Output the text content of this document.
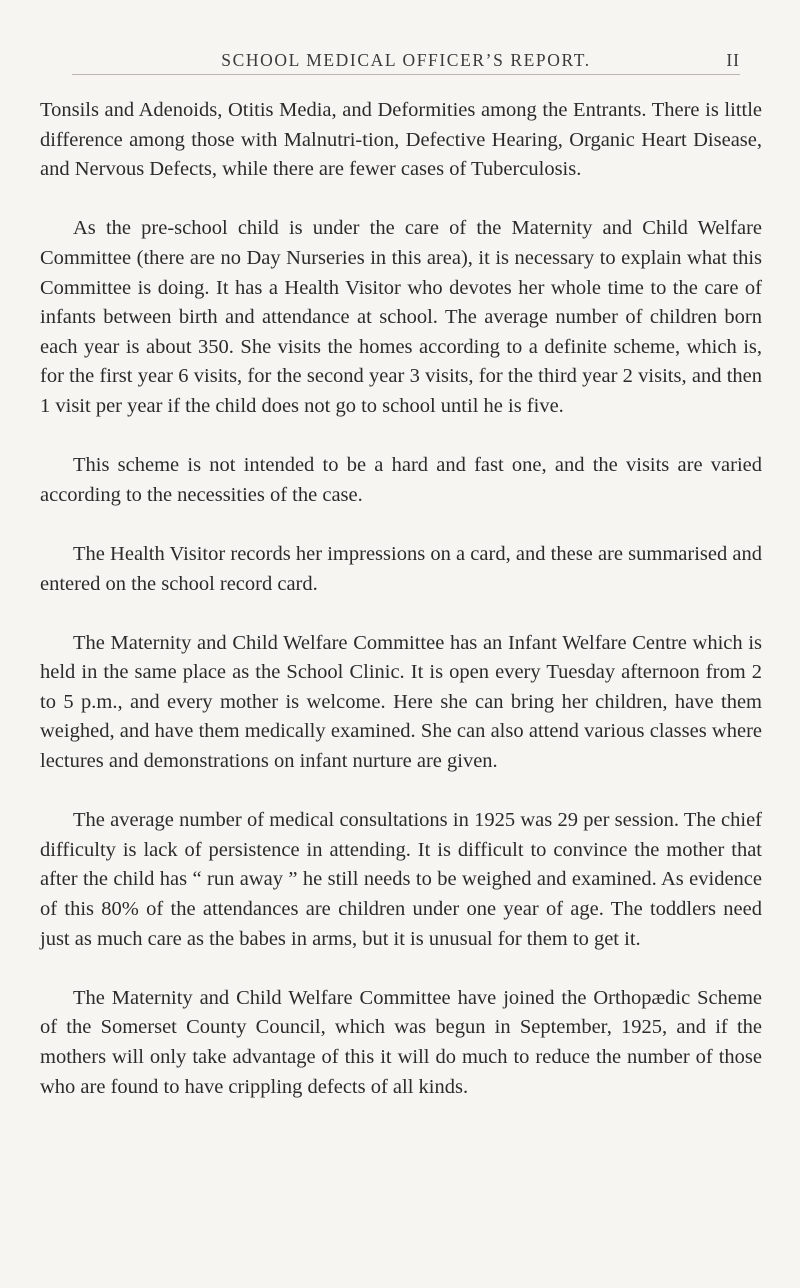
SCHOOL MEDICAL OFFICER’S REPORT.	II

Tonsils and Adenoids, Otitis Media, and Deformities among the Entrants. There is little difference among those with Malnutri-tion, Defective Hearing, Organic Heart Disease, and Nervous Defects, while there are fewer cases of Tuberculosis.

As the pre-school child is under the care of the Maternity and Child Welfare Committee (there are no Day Nurseries in this area), it is necessary to explain what this Committee is doing. It has a Health Visitor who devotes her whole time to the care of infants between birth and attendance at school. The average number of children born each year is about 350. She visits the homes according to a definite scheme, which is, for the first year 6 visits, for the second year 3 visits, for the third year 2 visits, and then 1 visit per year if the child does not go to school until he is five.

This scheme is not intended to be a hard and fast one, and the visits are varied according to the necessities of the case.

The Health Visitor records her impressions on a card, and these are summarised and entered on the school record card.

The Maternity and Child Welfare Committee has an Infant Welfare Centre which is held in the same place as the School Clinic. It is open every Tuesday afternoon from 2 to 5 p.m., and every mother is welcome. Here she can bring her children, have them weighed, and have them medically examined. She can also attend various classes where lectures and demonstrations on infant nurture are given.

The average number of medical consultations in 1925 was 29 per session. The chief difficulty is lack of persistence in attending. It is difficult to convince the mother that after the child has “ run away ” he still needs to be weighed and examined. As evidence of this 80% of the attendances are children under one year of age. The toddlers need just as much care as the babes in arms, but it is unusual for them to get it.

The Maternity and Child Welfare Committee have joined the Orthopædic Scheme of the Somerset County Council, which was begun in September, 1925, and if the mothers will only take advantage of this it will do much to reduce the number of those who are found to have crippling defects of all kinds.
